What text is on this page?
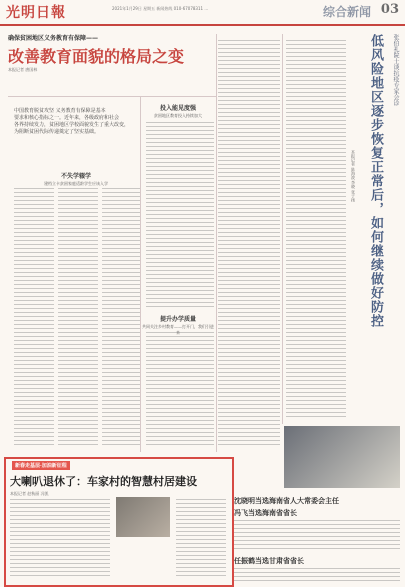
光明日報	2021年1月29日 星期五 新闻热线 010-67078311 ...	综合新闻 03
确保贫困地区义务教育有保障——
改善教育面貌的格局之变
本报记者 唐国林
中国教育脱贫攻坚 义务教育有保障是基本
要求和核心指标之一。近年来，各级政府和社会
各界持续发力，贫困地区学校面貌发生了重大改变，
为阻断贫困代际传递奠定了坚实基础。
投入能见度强
贫困地区教育投入持续加大
不失学辍学
建档立卡贫困家庭适龄学生应该入学
提升办学质量
共同关注乡村教育——打开门，我们引进来
张伯礼院士谈抗疫专家会诊
低风险地区逐步恢复正常后，如何继续做好防控
本报记者 陈海波 李晓 张子扬
新春走基层·加油新征程
大喇叭退休了：车家村的智慧村居建设
本报记者 赵秋丽 冯凯
沈晓明当选海南省人大常委会主任
冯飞当选海南省省长
任振鹤当选甘肃省省长
